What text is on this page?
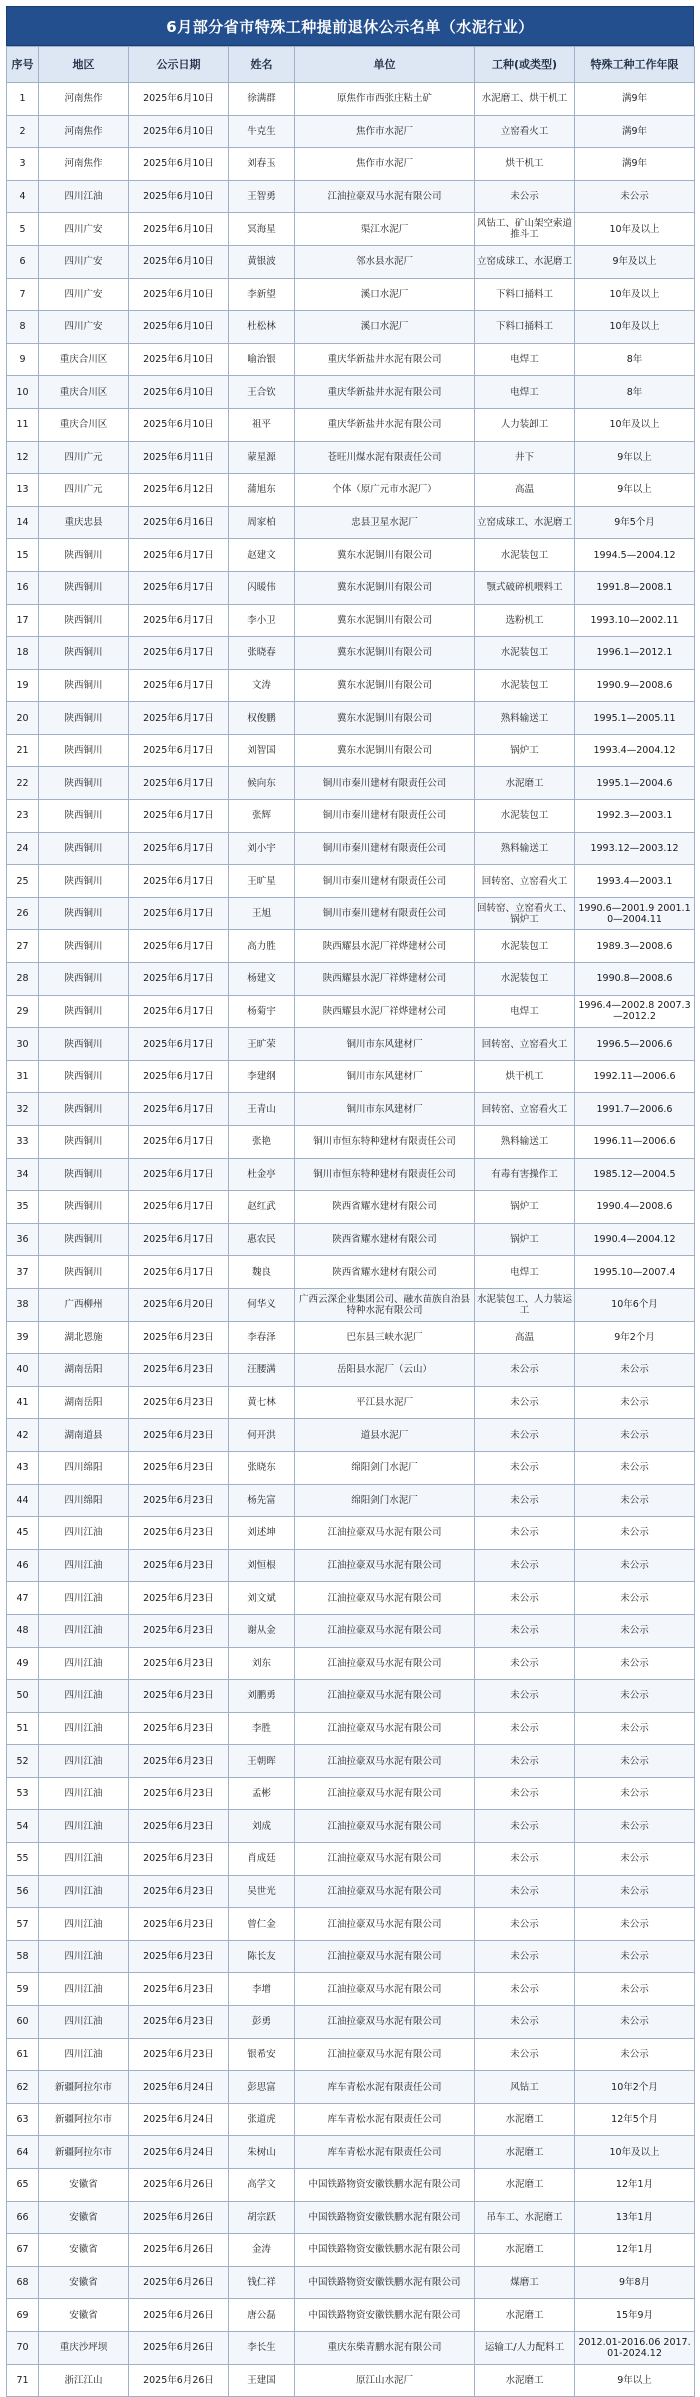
6月部分省市特殊工种提前退休公示名单（水泥行业）
序号	地区	公示日期	姓名	单位	工种(或类型)	特殊工种工作年限
1	河南焦作	2025年6月10日	徐满群	原焦作市西张庄粘土矿	水泥磨工、烘干机工	满9年
2	河南焦作	2025年6月10日	牛克生	焦作市水泥厂	立窑看火工	满9年
3	河南焦作	2025年6月10日	刘春玉	焦作市水泥厂	烘干机工	满9年
4	四川江油	2025年6月10日	王智勇	江油拉豪双马水泥有限公司	未公示	未公示
5	四川广安	2025年6月10日	冥海星	渠江水泥厂	风钻工、矿山架空索道推斗工	10年及以上
6	四川广安	2025年6月10日	黄银波	邻水县水泥厂	立窑成球工、水泥磨工	9年及以上
7	四川广安	2025年6月10日	李新望	溪口水泥厂	下料口捅料工	10年及以上
8	四川广安	2025年6月10日	杜松林	溪口水泥厂	下料口捅料工	10年及以上
9	重庆合川区	2025年6月10日	喻治银	重庆华新盐井水泥有限公司	电焊工	8年
10	重庆合川区	2025年6月10日	王合钦	重庆华新盐井水泥有限公司	电焊工	8年
11	重庆合川区	2025年6月10日	祖平	重庆华新盐井水泥有限公司	人力装卸工	10年及以上
12	四川广元	2025年6月11日	蒙星源	苍旺川煤水泥有限责任公司	井下	9年以上
13	四川广元	2025年6月12日	蒲旭东	个体（原广元市水泥厂）	高温	9年以上
14	重庆忠县	2025年6月16日	周家柏	忠县卫星水泥厂	立窑成球工、水泥磨工	9年5个月
15	陕西铜川	2025年6月17日	赵建文	冀东水泥铜川有限公司	水泥装包工	1994.5—2004.12
16	陕西铜川	2025年6月17日	闪暖伟	冀东水泥铜川有限公司	颚式破碎机喂料工	1991.8—2008.1
17	陕西铜川	2025年6月17日	李小卫	冀东水泥铜川有限公司	选粉机工	1993.10—2002.11
18	陕西铜川	2025年6月17日	张晓春	冀东水泥铜川有限公司	水泥装包工	1996.1—2012.1
19	陕西铜川	2025年6月17日	文涛	冀东水泥铜川有限公司	水泥装包工	1990.9—2008.6
20	陕西铜川	2025年6月17日	权俊鹏	冀东水泥铜川有限公司	熟料输送工	1995.1—2005.11
21	陕西铜川	2025年6月17日	刘智国	冀东水泥铜川有限公司	锅炉工	1993.4—2004.12
22	陕西铜川	2025年6月17日	候向东	铜川市秦川建材有限责任公司	水泥磨工	1995.1—2004.6
23	陕西铜川	2025年6月17日	张辉	铜川市秦川建材有限责任公司	水泥装包工	1992.3—2003.1
24	陕西铜川	2025年6月17日	刘小宇	铜川市秦川建材有限责任公司	熟料输送工	1993.12—2003.12
25	陕西铜川	2025年6月17日	王旷星	铜川市秦川建材有限责任公司	回转窑、立窑看火工	1993.4—2003.1
26	陕西铜川	2025年6月17日	王旭	铜川市秦川建材有限责任公司	回转窑、立窑看火工、锅炉工	1990.6—2001.9 2001.10—2004.11
27	陕西铜川	2025年6月17日	高力胜	陕西耀县水泥厂祥烨建材公司	水泥装包工	1989.3—2008.6
28	陕西铜川	2025年6月17日	杨建文	陕西耀县水泥厂祥烨建材公司	水泥装包工	1990.8—2008.6
29	陕西铜川	2025年6月17日	杨菊宇	陕西耀县水泥厂祥烨建材公司	电焊工	1996.4—2002.8 2007.3—2012.2
30	陕西铜川	2025年6月17日	王旷荣	铜川市东风建材厂	回转窑、立窑看火工	1996.5—2006.6
31	陕西铜川	2025年6月17日	李建纲	铜川市东风建材厂	烘干机工	1992.11—2006.6
32	陕西铜川	2025年6月17日	王青山	铜川市东风建材厂	回转窑、立窑看火工	1991.7—2006.6
33	陕西铜川	2025年6月17日	张艳	铜川市恒东特种建材有限责任公司	熟料输送工	1996.11—2006.6
34	陕西铜川	2025年6月17日	杜金亭	铜川市恒东特种建材有限责任公司	有毒有害操作工	1985.12—2004.5
35	陕西铜川	2025年6月17日	赵红武	陕西省耀水建材有限公司	锅炉工	1990.4—2008.6
36	陕西铜川	2025年6月17日	惠农民	陕西省耀水建材有限公司	锅炉工	1990.4—2004.12
37	陕西铜川	2025年6月17日	魏良	陕西省耀水建材有限公司	电焊工	1995.10—2007.4
38	广西柳州	2025年6月20日	何华义	广西云深企业集团公司、融水苗族自治县特种水泥有限公司	水泥装包工、人力装运工	10年6个月
39	湖北恩施	2025年6月23日	李春泽	巴东县三峡水泥厂	高温	9年2个月
40	湖南岳阳	2025年6月23日	汪腰满	岳阳县水泥厂（云山）	未公示	未公示
41	湖南岳阳	2025年6月23日	黄七林	平江县水泥厂	未公示	未公示
42	湖南道县	2025年6月23日	何开洪	道县水泥厂	未公示	未公示
43	四川绵阳	2025年6月23日	张晓东	绵阳剑门水泥厂	未公示	未公示
44	四川绵阳	2025年6月23日	杨先富	绵阳剑门水泥厂	未公示	未公示
45	四川江油	2025年6月23日	刘述坤	江油拉豪双马水泥有限公司	未公示	未公示
46	四川江油	2025年6月23日	刘恒根	江油拉豪双马水泥有限公司	未公示	未公示
47	四川江油	2025年6月23日	刘文斌	江油拉豪双马水泥有限公司	未公示	未公示
48	四川江油	2025年6月23日	谢从金	江油拉豪双马水泥有限公司	未公示	未公示
49	四川江油	2025年6月23日	刘东	江油拉豪双马水泥有限公司	未公示	未公示
50	四川江油	2025年6月23日	刘鹏勇	江油拉豪双马水泥有限公司	未公示	未公示
51	四川江油	2025年6月23日	李胜	江油拉豪双马水泥有限公司	未公示	未公示
52	四川江油	2025年6月23日	王朝晖	江油拉豪双马水泥有限公司	未公示	未公示
53	四川江油	2025年6月23日	孟彬	江油拉豪双马水泥有限公司	未公示	未公示
54	四川江油	2025年6月23日	刘成	江油拉豪双马水泥有限公司	未公示	未公示
55	四川江油	2025年6月23日	肖成廷	江油拉豪双马水泥有限公司	未公示	未公示
56	四川江油	2025年6月23日	吴世光	江油拉豪双马水泥有限公司	未公示	未公示
57	四川江油	2025年6月23日	曾仁金	江油拉豪双马水泥有限公司	未公示	未公示
58	四川江油	2025年6月23日	陈长友	江油拉豪双马水泥有限公司	未公示	未公示
59	四川江油	2025年6月23日	李增	江油拉豪双马水泥有限公司	未公示	未公示
60	四川江油	2025年6月23日	彭勇	江油拉豪双马水泥有限公司	未公示	未公示
61	四川江油	2025年6月23日	银希安	江油拉豪双马水泥有限公司	未公示	未公示
62	新疆阿拉尔市	2025年6月24日	彭思富	库车青松水泥有限责任公司	风钻工	10年2个月
63	新疆阿拉尔市	2025年6月24日	张道虎	库车青松水泥有限责任公司	水泥磨工	12年5个月
64	新疆阿拉尔市	2025年6月24日	朱树山	库车青松水泥有限责任公司	水泥磨工	10年及以上
65	安徽省	2025年6月26日	高学文	中国铁路物资安徽铁鹏水泥有限公司	水泥磨工	12年1月
66	安徽省	2025年6月26日	胡宗跃	中国铁路物资安徽铁鹏水泥有限公司	吊车工、水泥磨工	13年1月
67	安徽省	2025年6月26日	金涛	中国铁路物资安徽铁鹏水泥有限公司	水泥磨工	12年1月
68	安徽省	2025年6月26日	钱仁祥	中国铁路物资安徽铁鹏水泥有限公司	煤磨工	9年8月
69	安徽省	2025年6月26日	唐公磊	中国铁路物资安徽铁鹏水泥有限公司	水泥磨工	15年9月
70	重庆沙坪坝	2025年6月26日	李长生	重庆东柴青鹏水泥有限公司	运输工/人力配料工	2012.01-2016.06 2017.01-2024.12
71	浙江江山	2025年6月26日	王建国	原江山水泥厂	水泥磨工	9年以上
